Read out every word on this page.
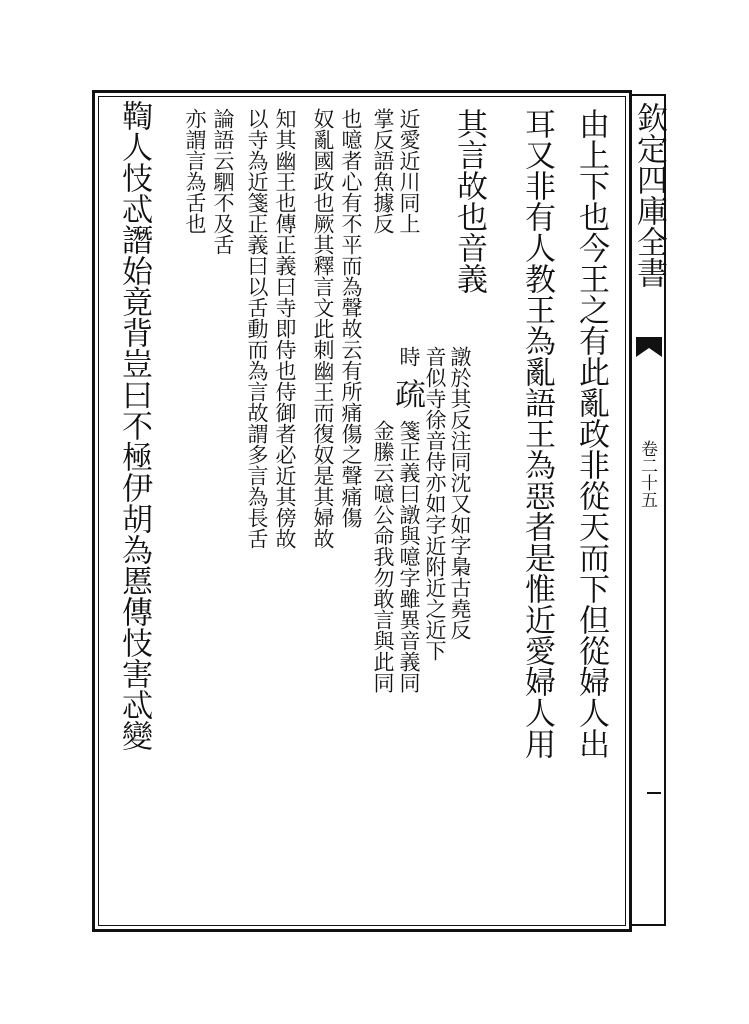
欽定四庫全書
卷二十五
由上下也今王之有此亂政非從天而下但從婦人出
耳又非有人教王為亂語王為惡者是惟近愛婦人用
其言故也音義
譈於其反注同沈又如字梟古堯反
音似寺徐音侍亦如字近附近之近下
疏
箋正義曰譈與噫字雖異音義同
近愛近川同上
時
金縢云噫公命我勿敢言與此同
掌反語魚據反
也噫者心有不平而為聲故云有所痛傷之聲痛傷
奴亂國政也厥其釋言文此刺幽王而復奴是其婦故
知其幽王也傳正義曰寺即侍也侍御者必近其傍故
以寺為近箋正義曰以舌動而為言故謂多言為長舌
論語云駟不及舌
亦謂言為舌也
鞫人忮忒譖始竟背豈曰不極伊胡為慝傳忮害忒變
